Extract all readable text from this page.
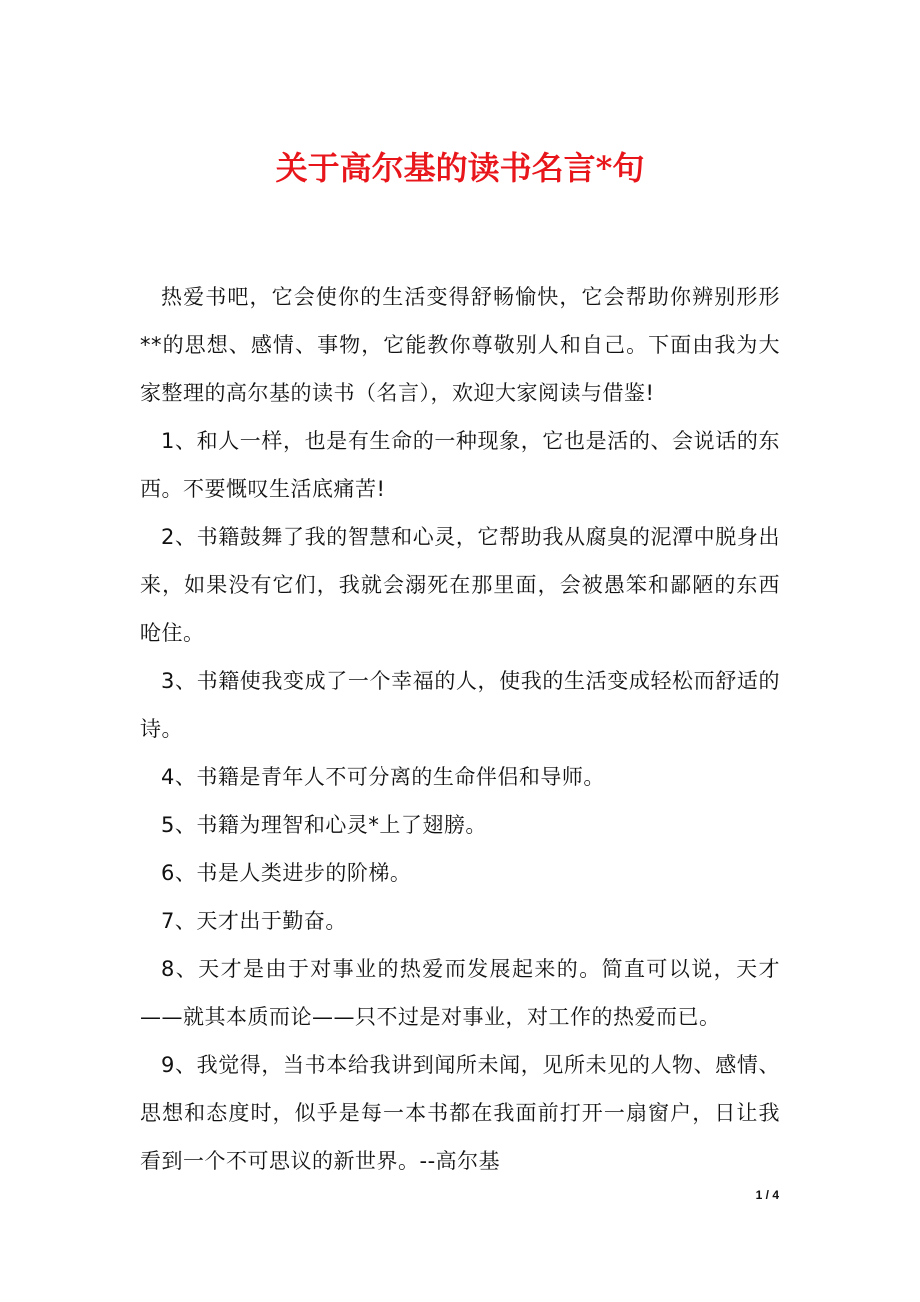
关于高尔基的读书名言*句

热爱书吧，它会使你的生活变得舒畅愉快，它会帮助你辨别形形**的思想、感情、事物，它能教你尊敬别人和自己。下面由我为大家整理的高尔基的读书（名言），欢迎大家阅读与借鉴!

1、和人一样，也是有生命的一种现象，它也是活的、会说话的东西。不要慨叹生活底痛苦!

2、书籍鼓舞了我的智慧和心灵，它帮助我从腐臭的泥潭中脱身出来，如果没有它们，我就会溺死在那里面，会被愚笨和鄙陋的东西呛住。

3、书籍使我变成了一个幸福的人，使我的生活变成轻松而舒适的诗。

4、书籍是青年人不可分离的生命伴侣和导师。

5、书籍为理智和心灵*上了翅膀。

6、书是人类进步的阶梯。

7、天才出于勤奋。

8、天才是由于对事业的热爱而发展起来的。简直可以说，天才——就其本质而论——只不过是对事业，对工作的热爱而已。

9、我觉得，当书本给我讲到闻所未闻，见所未见的人物、感情、思想和态度时，似乎是每一本书都在我面前打开一扇窗户，日让我看到一个不可思议的新世界。--高尔基

1 / 4
